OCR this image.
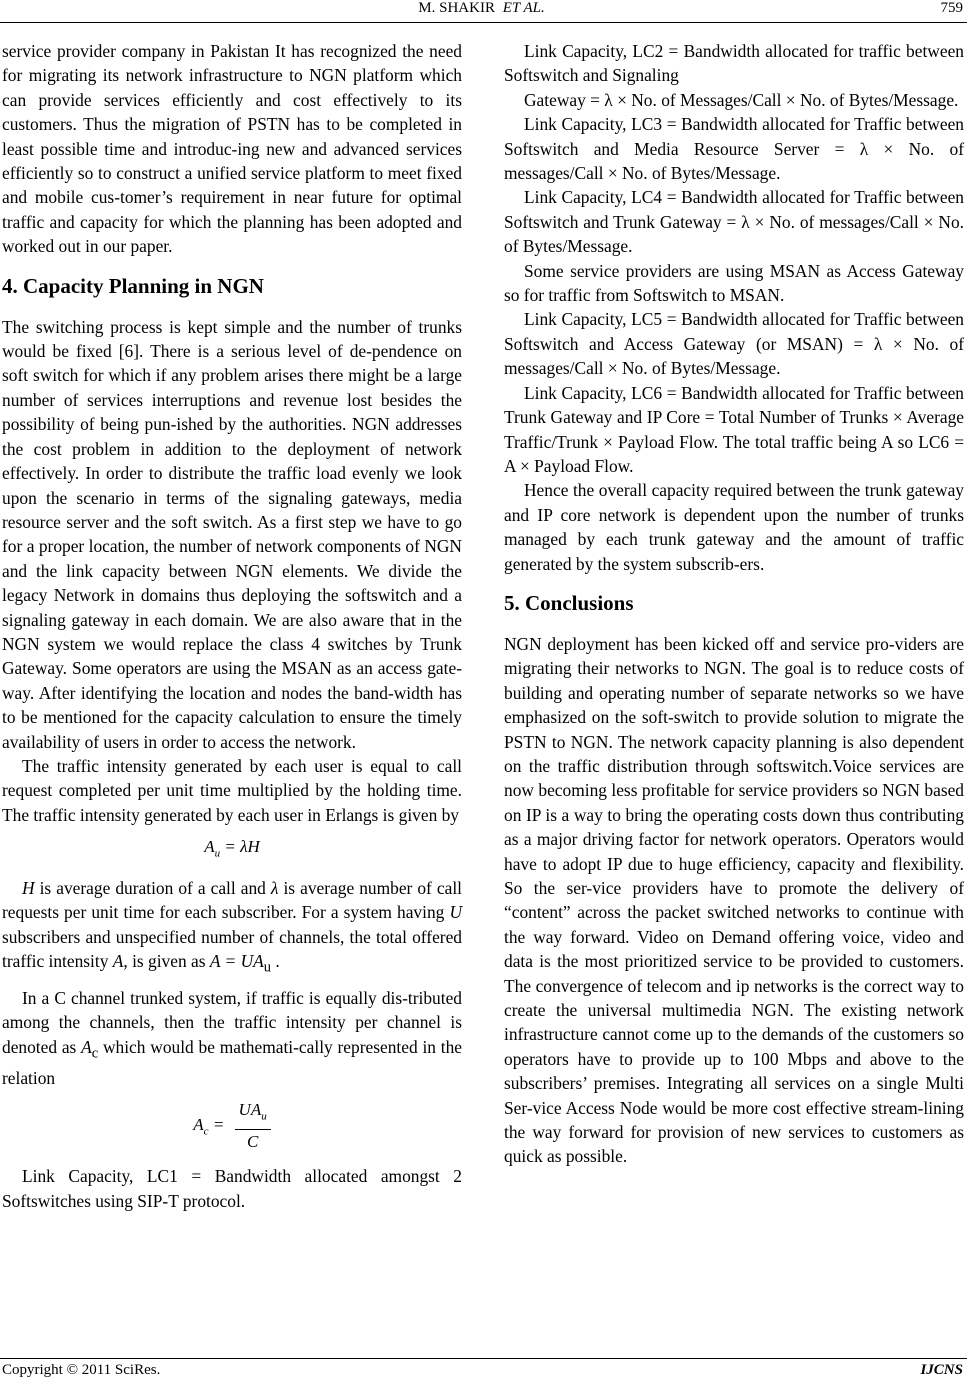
M. SHAKIR ET AL.	759

service provider company in Pakistan It has recognized the need for migrating its network infrastructure to NGN platform which can provide services efficiently and cost effectively to its customers. Thus the migration of PSTN has to be completed in least possible time and introduc-ing new and advanced services efficiently so to construct a unified service platform to meet fixed and mobile cus-tomer’s requirement in near future for optimal traffic and capacity for which the planning has been adopted and worked out in our paper.

4. Capacity Planning in NGN

The switching process is kept simple and the number of trunks would be fixed [6]. There is a serious level of de-pendence on soft switch for which if any problem arises there might be a large number of services interruptions and revenue lost besides the possibility of being pun-ished by the authorities. NGN addresses the cost problem in addition to the deployment of network effectively. In order to distribute the traffic load evenly we look upon the scenario in terms of the signaling gateways, media resource server and the soft switch. As a first step we have to go for a proper location, the number of network components of NGN and the link capacity between NGN elements. We divide the legacy Network in domains thus deploying the softswitch and a signaling gateway in each domain. We are also aware that in the NGN system we would replace the class 4 switches by Trunk Gateway. Some operators are using the MSAN as an access gate-way. After identifying the location and nodes the band-width has to be mentioned for the capacity calculation to ensure the timely availability of users in order to access the network.

The traffic intensity generated by each user is equal to call request completed per unit time multiplied by the holding time. The traffic intensity generated by each user in Erlangs is given by

$A_u = \lambda H$

H is average duration of a call and λ is average number of call requests per unit time for each subscriber. For a system having U subscribers and unspecified number of channels, the total offered traffic intensity A, is given as $A = UA_u$ .

In a C channel trunked system, if traffic is equally dis-tributed among the channels, then the traffic intensity per channel is denoted as $A_c$ which would be mathemati-cally represented in the relation

$A_c = \frac{UA_u}{C}$

Link Capacity, LC1 = Bandwidth allocated amongst 2 Softswitches using SIP-T protocol.

Link Capacity, LC2 = Bandwidth allocated for traffic between Softswitch and Signaling

Gateway = λ × No. of Messages/Call × No. of Bytes/Message.

Link Capacity, LC3 = Bandwidth allocated for Traffic between Softswitch and Media Resource Server = λ × No. of messages/Call × No. of Bytes/Message.

Link Capacity, LC4 = Bandwidth allocated for Traffic between Softswitch and Trunk Gateway = λ × No. of messages/Call × No. of Bytes/Message.

Some service providers are using MSAN as Access Gateway so for traffic from Softswitch to MSAN.

Link Capacity, LC5 = Bandwidth allocated for Traffic between Softswitch and Access Gateway (or MSAN) = λ × No. of messages/Call × No. of Bytes/Message.

Link Capacity, LC6 = Bandwidth allocated for Traffic between Trunk Gateway and IP Core = Total Number of Trunks × Average Traffic/Trunk × Payload Flow. The total traffic being A so LC6 = A × Payload Flow.

Hence the overall capacity required between the trunk gateway and IP core network is dependent upon the number of trunks managed by each trunk gateway and the amount of traffic generated by the system subscrib-ers.

5. Conclusions

NGN deployment has been kicked off and service pro-viders are migrating their networks to NGN. The goal is to reduce costs of building and operating number of separate networks so we have emphasized on the soft-switch to provide solution to migrate the PSTN to NGN. The network capacity planning is also dependent on the traffic distribution through softswitch.Voice services are now becoming less profitable for service providers so NGN based on IP is a way to bring the operating costs down thus contributing as a major driving factor for network operators. Operators would have to adopt IP due to huge efficiency, capacity and flexibility. So the ser-vice providers have to promote the delivery of “content” across the packet switched networks to continue with the way forward. Video on Demand offering voice, video and data is the most prioritized service to be provided to customers. The convergence of telecom and ip networks is the correct way to create the universal multimedia NGN. The existing network infrastructure cannot come up to the demands of the customers so operators have to provide up to 100 Mbps and above to the subscribers’ premises. Integrating all services on a single Multi Ser-vice Access Node would be more cost effective stream-lining the way forward for provision of new services to customers as quick as possible.

Copyright © 2011 SciRes.	IJCNS
